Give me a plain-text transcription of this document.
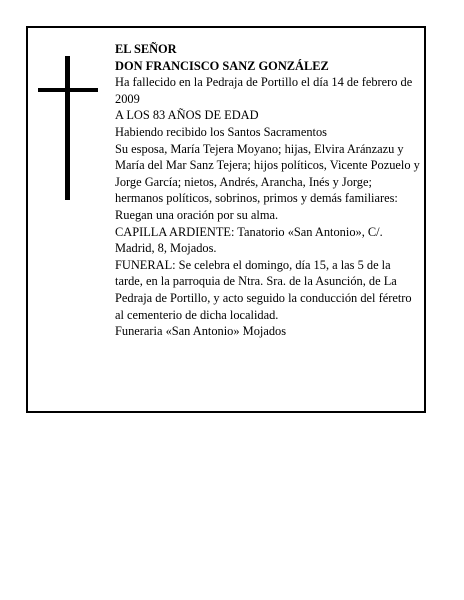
EL SEÑOR

DON FRANCISCO SANZ GONZÁLEZ

Ha fallecido en la Pedraja de Portillo el día 14 de febrero de 2009

A LOS 83 AÑOS DE EDAD

Habiendo recibido los Santos Sacramentos

Su esposa, María Tejera Moyano; hijas, Elvira Aránzazu y María del Mar Sanz Tejera; hijos políticos, Vicente Pozuelo y Jorge García; nietos, Andrés, Arancha, Inés y Jorge; hermanos políticos, sobrinos, primos y demás familiares:

Ruegan una oración por su alma.

CAPILLA ARDIENTE: Tanatorio «San Antonio», C/. Madrid, 8, Mojados.

FUNERAL: Se celebra el domingo, día 15, a las 5 de la tarde, en la parroquia de Ntra. Sra. de la Asunción, de La Pedraja de Portillo, y acto seguido la conducción del féretro al cementerio de dicha localidad.

Funeraria «San Antonio» Mojados
